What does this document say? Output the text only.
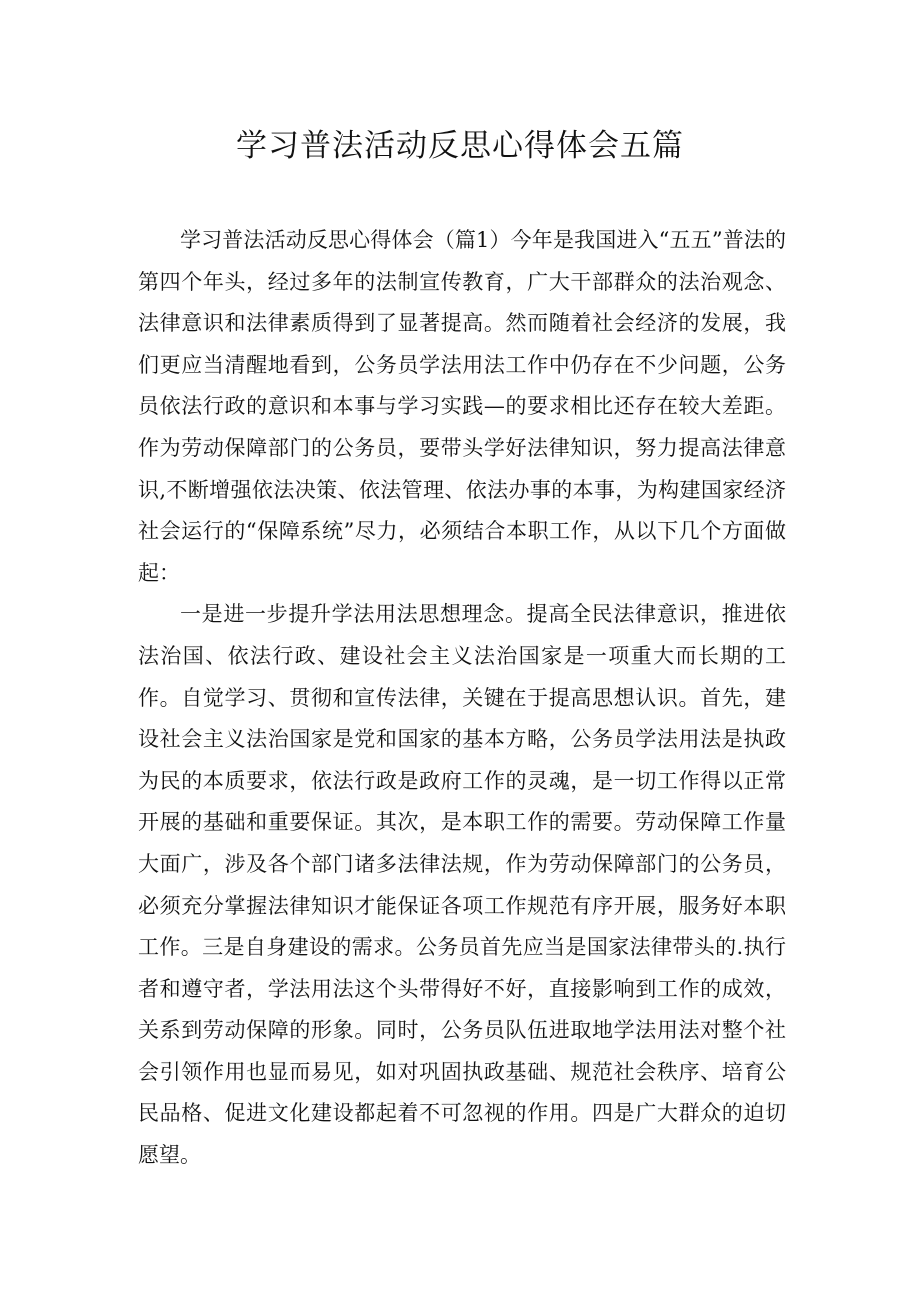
学习普法活动反思心得体会五篇

学习普法活动反思心得体会（篇1）今年是我国进入“五五”普法的第四个年头，经过多年的法制宣传教育，广大干部群众的法治观念、法律意识和法律素质得到了显著提高。然而随着社会经济的发展，我们更应当清醒地看到，公务员学法用法工作中仍存在不少问题，公务员依法行政的意识和本事与学习实践—的要求相比还存在较大差距。作为劳动保障部门的公务员，要带头学好法律知识，努力提高法律意识,不断增强依法决策、依法管理、依法办事的本事，为构建国家经济社会运行的“保障系统”尽力，必须结合本职工作，从以下几个方面做起：

一是进一步提升学法用法思想理念。提高全民法律意识，推进依法治国、依法行政、建设社会主义法治国家是一项重大而长期的工作。自觉学习、贯彻和宣传法律，关键在于提高思想认识。首先，建设社会主义法治国家是党和国家的基本方略，公务员学法用法是执政为民的本质要求，依法行政是政府工作的灵魂，是一切工作得以正常开展的基础和重要保证。其次，是本职工作的需要。劳动保障工作量大面广，涉及各个部门诸多法律法规，作为劳动保障部门的公务员，必须充分掌握法律知识才能保证各项工作规范有序开展，服务好本职工作。三是自身建设的需求。公务员首先应当是国家法律带头的.执行者和遵守者，学法用法这个头带得好不好，直接影响到工作的成效，关系到劳动保障的形象。同时，公务员队伍进取地学法用法对整个社会引领作用也显而易见，如对巩固执政基础、规范社会秩序、培育公民品格、促进文化建设都起着不可忽视的作用。四是广大群众的迫切愿望。
